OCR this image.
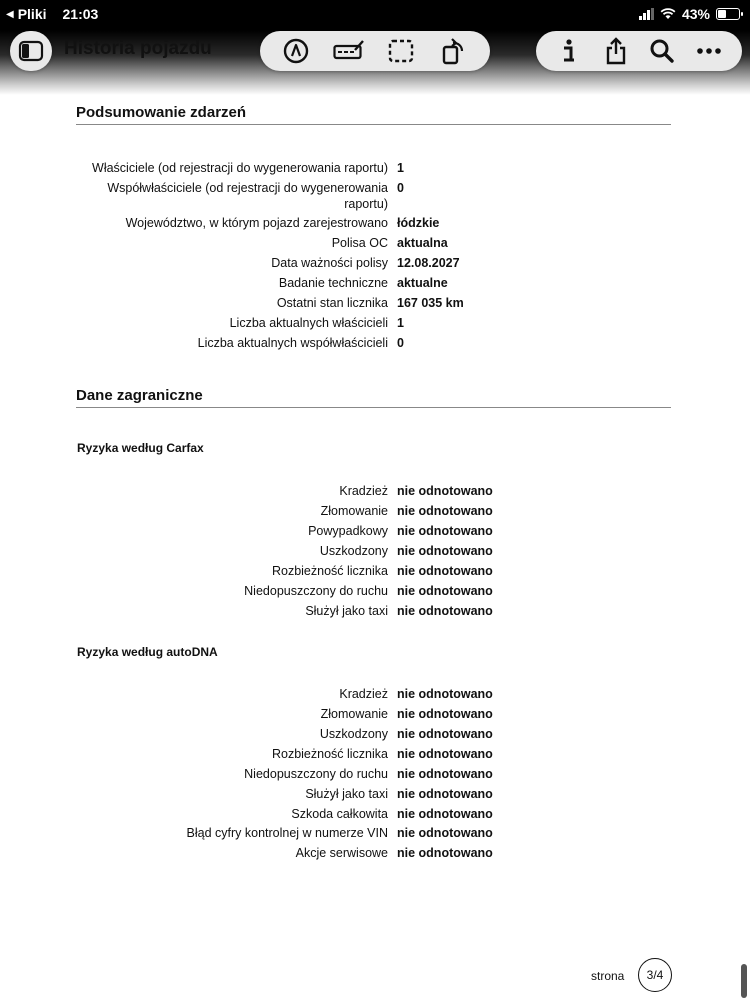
◀ Pliki 21:03	43%
Historia pojazdu
Podsumowanie zdarzeń
Właściciele (od rejestracji do wygenerowania raportu) 1
Współwłaściciele (od rejestracji do wygenerowania raportu)
0
Województwo, w którym pojazd zarejestrowano łódzkie
Polisa OC aktualna
Data ważności polisy 12.08.2027
Badanie techniczne aktualne
Ostatni stan licznika 167 035 km
Liczba aktualnych właścicieli 1
Liczba aktualnych współwłaścicieli 0
Dane zagraniczne
Ryzyka według Carfax
Kradzież nie odnotowano
Złomowanie nie odnotowano
Powypadkowy nie odnotowano
Uszkodzony nie odnotowano
Rozbieżność licznika nie odnotowano
Niedopuszczony do ruchu nie odnotowano
Służył jako taxi nie odnotowano
Ryzyka według autoDNA
Kradzież nie odnotowano
Złomowanie nie odnotowano
Uszkodzony nie odnotowano
Rozbieżność licznika nie odnotowano
Niedopuszczony do ruchu nie odnotowano
Służył jako taxi nie odnotowano
Szkoda całkowita nie odnotowano
Błąd cyfry kontrolnej w numerze VIN nie odnotowano
Akcje serwisowe nie odnotowano
strona	3/4
